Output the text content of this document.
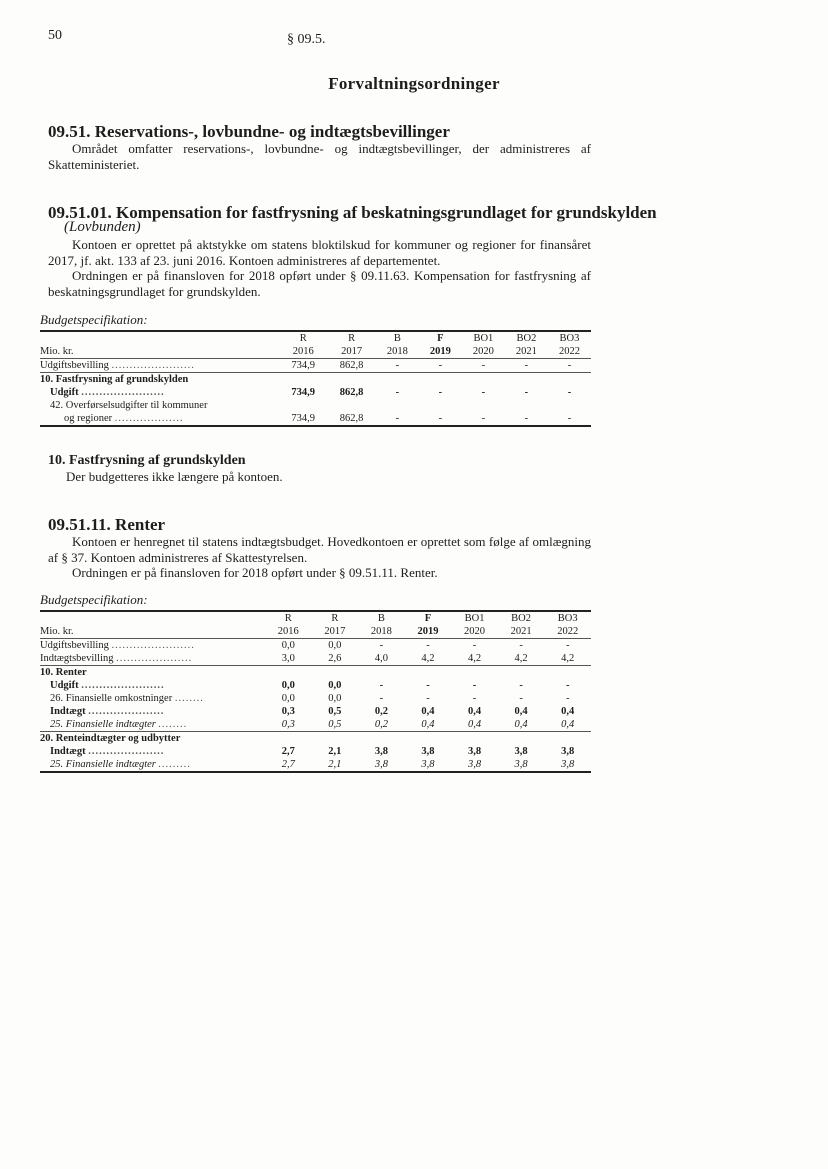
50	§ 09.5.
Forvaltningsordninger
09.51. Reservations-, lovbundne- og indtægtsbevillinger
Området omfatter reservations-, lovbundne- og indtægtsbevillinger, der administreres af Skatteministeriet.
09.51.01. Kompensation for fastfrysning af beskatningsgrundlaget for grundskylden
(Lovbunden)
Kontoen er oprettet på aktstykke om statens bloktilskud for kommuner og regioner for finansåret 2017, jf. akt. 133 af 23. juni 2016. Kontoen administreres af departementet.
Ordningen er på finansloven for 2018 opført under § 09.11.63. Kompensation for fastfrysning af beskatningsgrundlaget for grundskylden.
Budgetspecifikation:

	R	R	B	F	BO1	BO2	BO3
Mio. kr.	2016	2017	2018	2019	2020	2021	2022

Udgiftsbevilling .......................	734,9	862,8	-	-	-	-	-

10. Fastfrysning af grundskylden							
Udgift .......................	734,9	862,8	-	-	-	-	-
42. Overførselsudgifter til kommuner							
og regioner ...................	734,9	862,8	-	-	-	-	-

10. Fastfrysning af grundskylden
Der budgetteres ikke længere på kontoen.
09.51.11. Renter
Kontoen er henregnet til statens indtægtsbudget. Hovedkontoen er oprettet som følge af omlægning af § 37. Kontoen administreres af Skattestyrelsen.
Ordningen er på finansloven for 2018 opført under § 09.51.11. Renter.
Budgetspecifikation:

	R	R	B	F	BO1	BO2	BO3
Mio. kr.	2016	2017	2018	2019	2020	2021	2022

Udgiftsbevilling .......................	0,0	0,0	-	-	-	-	-
Indtægtsbevilling .....................	3,0	2,6	4,0	4,2	4,2	4,2	4,2

10. Renter							
Udgift .......................	0,0	0,0	-	-	-	-	-
26. Finansielle omkostninger ........	0,0	0,0	-	-	-	-	-
Indtægt .....................	0,3	0,5	0,2	0,4	0,4	0,4	0,4
25. Finansielle indtægter ........	0,3	0,5	0,2	0,4	0,4	0,4	0,4

20. Renteindtægter og udbytter							
Indtægt .....................	2,7	2,1	3,8	3,8	3,8	3,8	3,8
25. Finansielle indtægter .........	2,7	2,1	3,8	3,8	3,8	3,8	3,8
